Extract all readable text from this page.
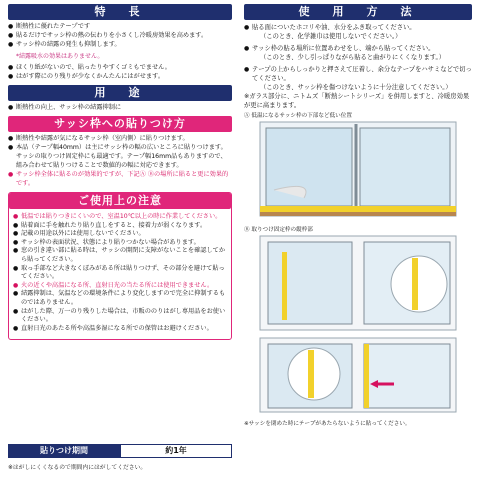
特　長
● 断熱性に優れたテープです
● 貼るだけでサッシ枠の熱の伝わりを小さくし冷暖房効果を高めます。
● サッシ枠の結露の発生も抑制します。
*結露吸水の効果はありません。
● ほくり紙がないので、貼ったりやすくゴミもでません。
● はがす際にのり残りが少なくかんたんにはがせます。
用　途
● 断熱性の向上、サッシ枠の結露抑制に
サッシ枠への貼りつけ方
● 断熱性や結露が気になるサッシ枠（室内側）に貼りつけます。
● 本品（テープ幅40mm）は主にサッシ枠の幅の広いところに貼りつけます。サッシの取りつけ固定枠にも最適です。テープ幅16mm品もありますので、組み合わせて貼りつけることで数値的の幅に対応できます。
● サッシ枠全体に貼るのが効果的ですが、下記Ⓐ Ⓑの場所に貼ると更に効果的です。
ご使用上の注意
● 低温では貼りつきにくいので、室温10℃以上の時に作業してください。
● 貼着面に手を触れたり貼り直しをすると、接着力が弱くなります。
● 記載の用途以外には使用しないでください。
● サッシ枠の表面状況、状態により貼りつかない場合があります。
● 窓の引き違い部に貼る時は、サッシの開閉に支障がないことを確認してから貼ってください。
● 取っ手部など大きなくぼみがある所は貼りつけず、その部分を避けて貼ってください。
● 火の近くや高温になる所、直射日光の当たる所には使用できません。
● 結露抑制は、気温などの環境条件により変化しますので完全に抑制するものではありません。
● はがした際、万一のり残りした場合は、市販ののりはがし専用品をお使いください。
● 直射日光のあたる所や高温多湿になる所での保管はお避けください。
貼りつけ期間	約1年
※はがしにくくなるので期間内にはがしてください。
使　用　方　法
● 貼る面についたホコリや油、水分をふき取ってください。
（このとき、化学雑巾は使用しないでください。）
● サッシ枠の貼る場所に位置あわせをし、端から貼ってください。
（このとき、少し引っぱりながら貼ると曲がりにくくなります。）
● テープの上からしっかりと押さえて圧着し、余分なテープをハサミなどで切ってください。
（このとき、サッシ枠を傷つけないように十分注意してください。）
※ガラス部分に、ニトムズ「断熱シートシリーズ」を併用しますと、冷暖房効果が更に高まります。
Ⓐ 低温になるサッシ枠の下部など低い位置
Ⓑ 取りつけ固定枠の縦枠部
※サッシを閉めた時にテープがあたらないように貼ってください。
